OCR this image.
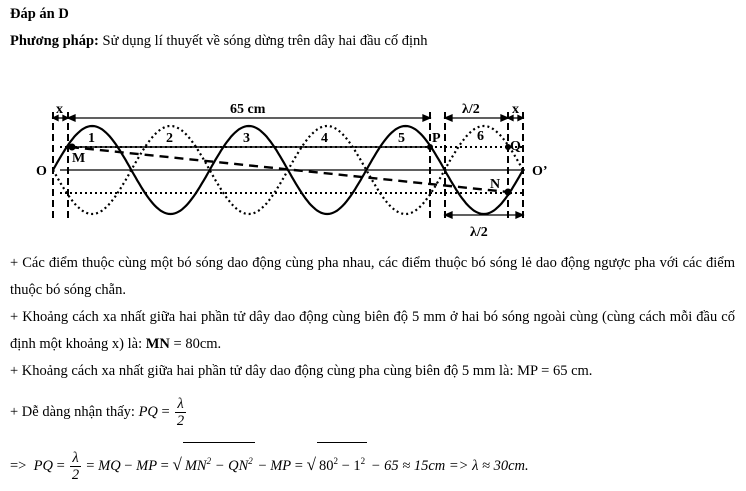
Đáp án D
Phương pháp: Sử dụng lí thuyết về sóng dừng trên dây hai đầu cố định
x	65 cm	λ/2 x
λ/2
1	2	3	4	5	6
O	O’
M
N
P
Q
+ Các điểm thuộc cùng một bó sóng dao động cùng pha nhau, các điểm thuộc bó sóng lẻ dao động ngược pha với các điểm thuộc bó sóng chẵn.
+ Khoảng cách xa nhất giữa hai phần tử dây dao động cùng biên độ 5 mm ở hai bó sóng ngoài cùng (cùng cách mỗi đầu cố định một khoảng x) là: MN = 80cm.
+ Khoảng cách xa nhất giữa hai phần tử dây dao động cùng pha cùng biên độ 5 mm là: MP = 65 cm.
+ Dễ dàng nhận thấy: PQ = $\frac{\lambda}{2}$
=> PQ = $\frac{\lambda}{2}$ = MQ − MP = √ $MN^2 - QN^2$ − MP = √ $80^2 - 1^2 - 65 \approx 15cm => \lambda \approx 30cm$.
